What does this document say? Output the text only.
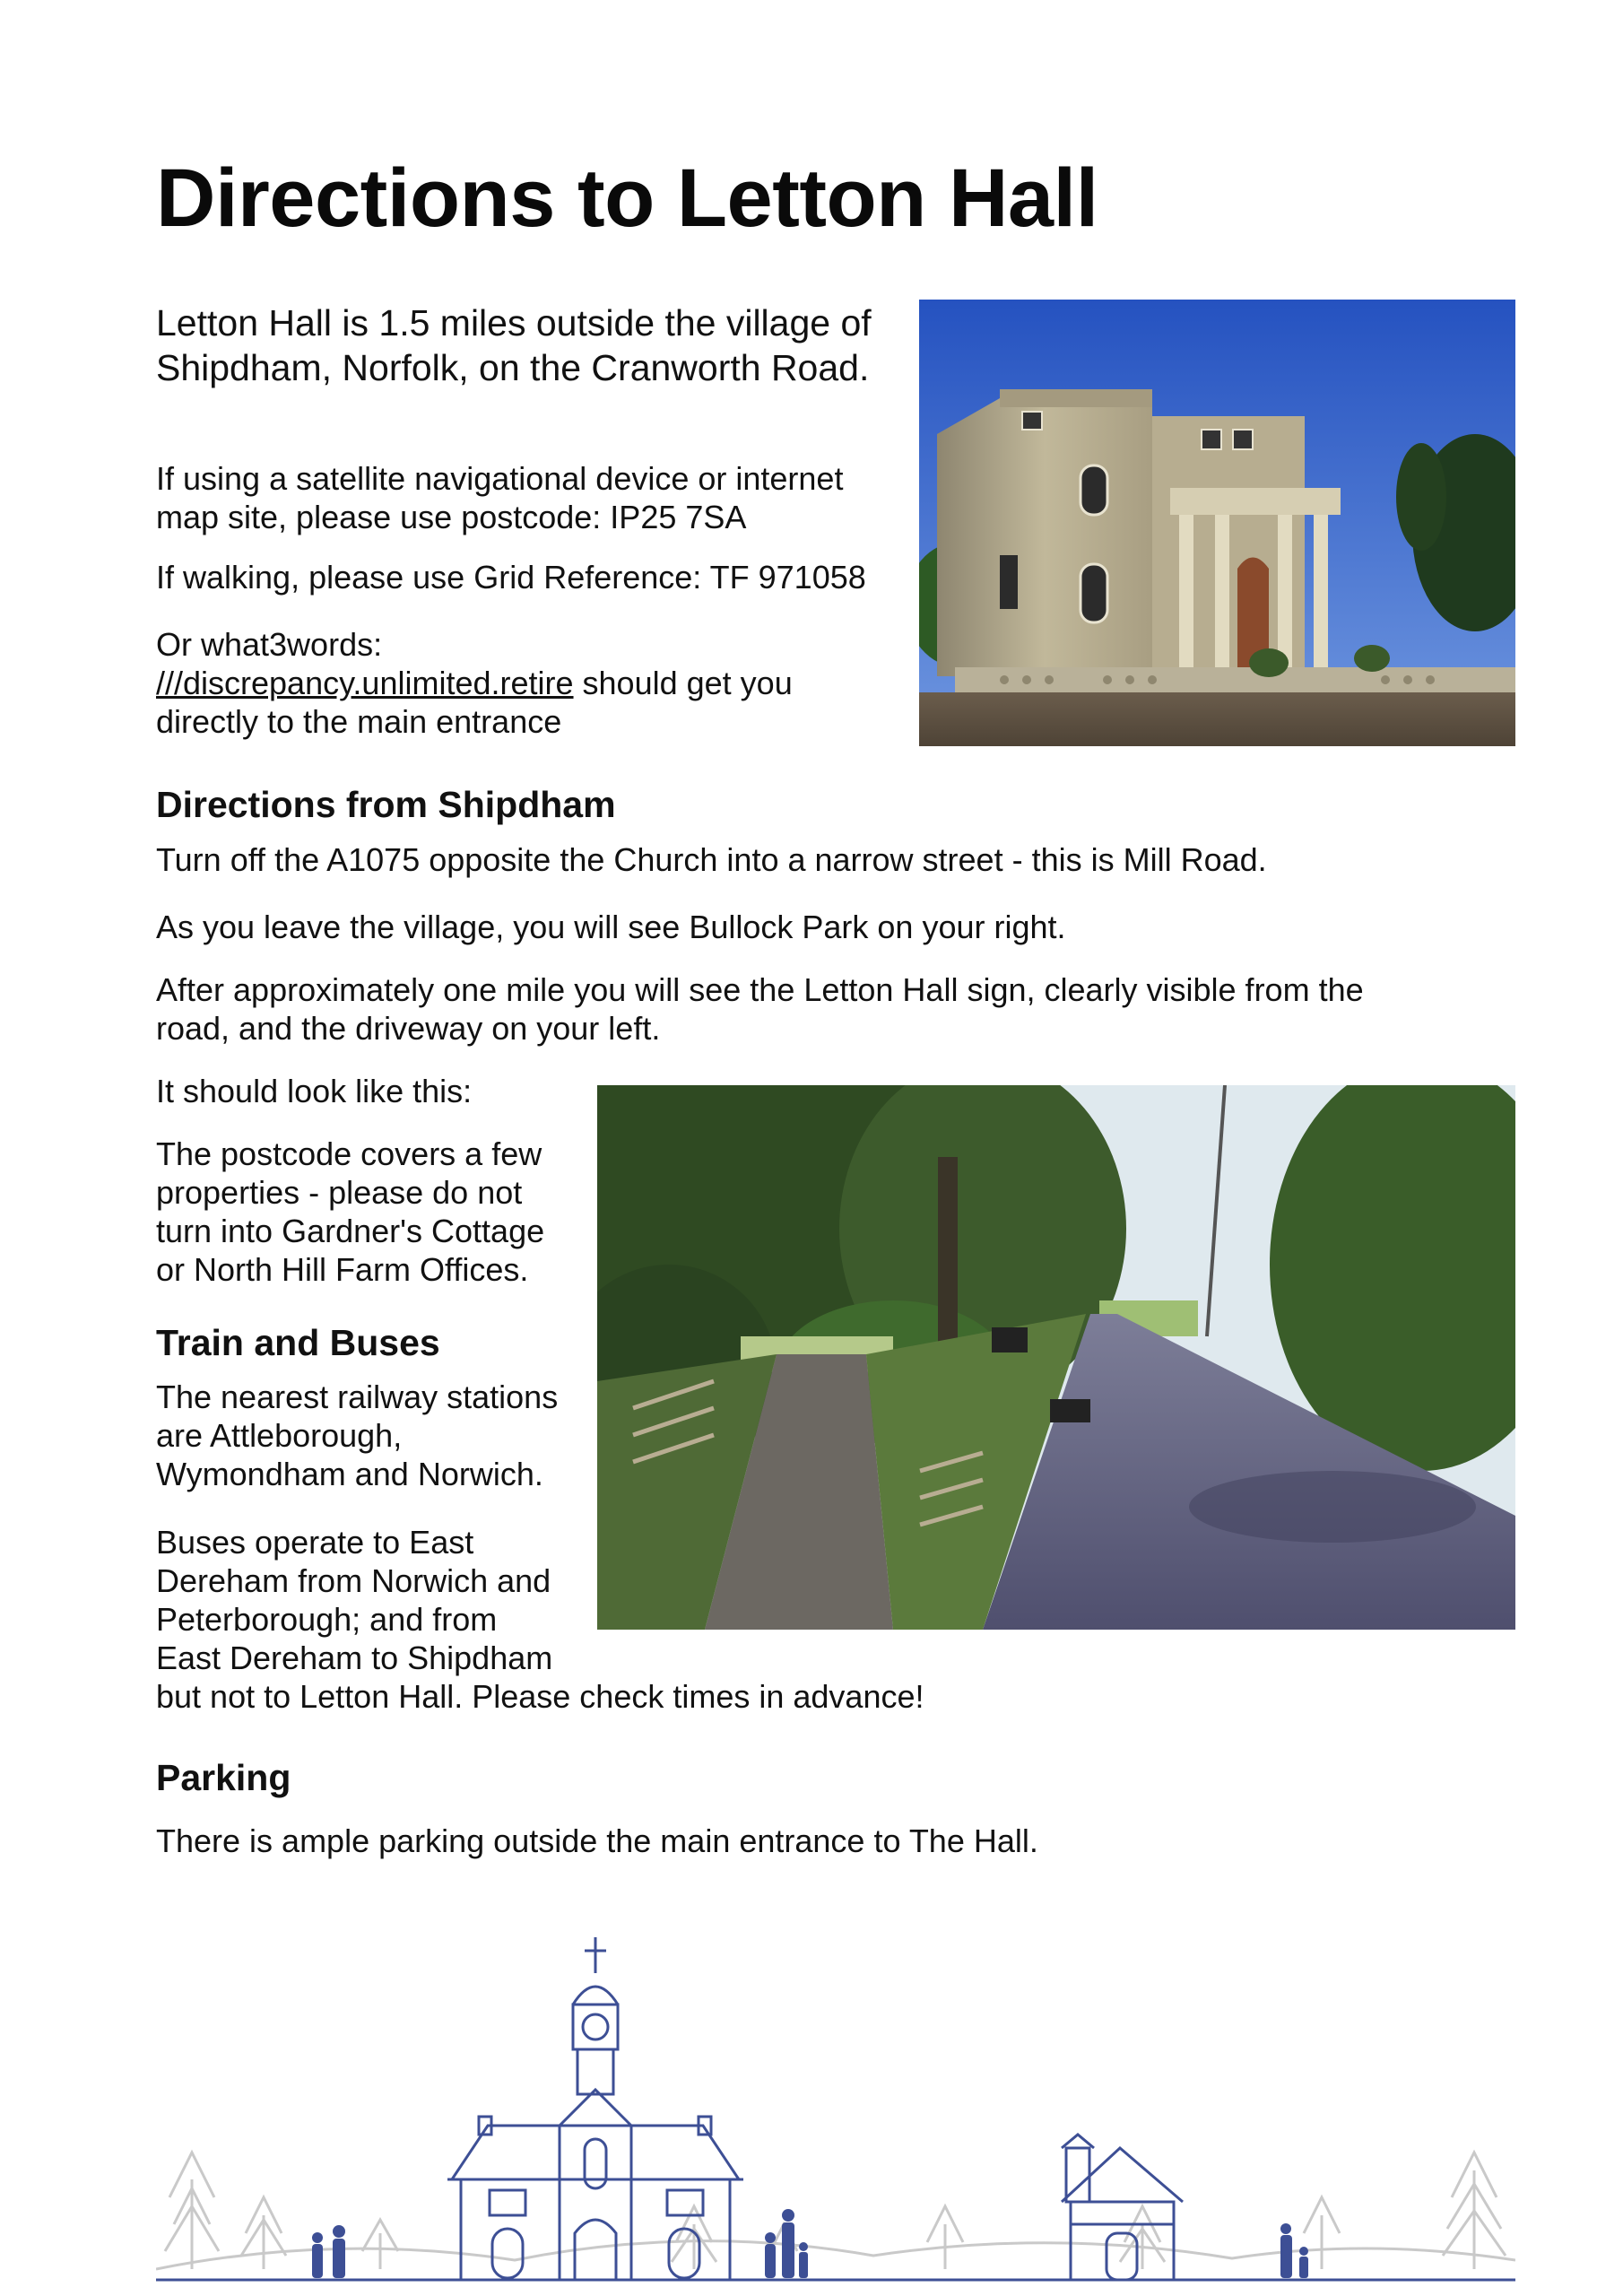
Directions to Letton Hall

Letton Hall is 1.5 miles outside the village of Shipdham, Norfolk, on the Cranworth Road.

If using a satellite navigational device or internet map site, please use postcode: IP25 7SA

If walking, please use Grid Reference: TF 971058

Or what3words:
///discrepancy.unlimited.retire should get you
directly to the main entrance

Directions from Shipdham

Turn off the A1075 opposite the Church into a narrow street - this is Mill Road.

As you leave the village, you will see Bullock Park on your right.

After approximately one mile you will see the Letton Hall sign, clearly visible from the
road, and the driveway on your left.

It should look like this:

The postcode covers a few
properties - please do not
turn into Gardner's Cottage
or North Hill Farm Offices.

Train and Buses

The nearest railway stations
are Attleborough,
Wymondham and Norwich.

Buses operate to East
Dereham from Norwich and
Peterborough; and from
East Dereham to Shipdham
but not to Letton Hall. Please check times in advance!

Parking

There is ample parking outside the main entrance to The Hall.
